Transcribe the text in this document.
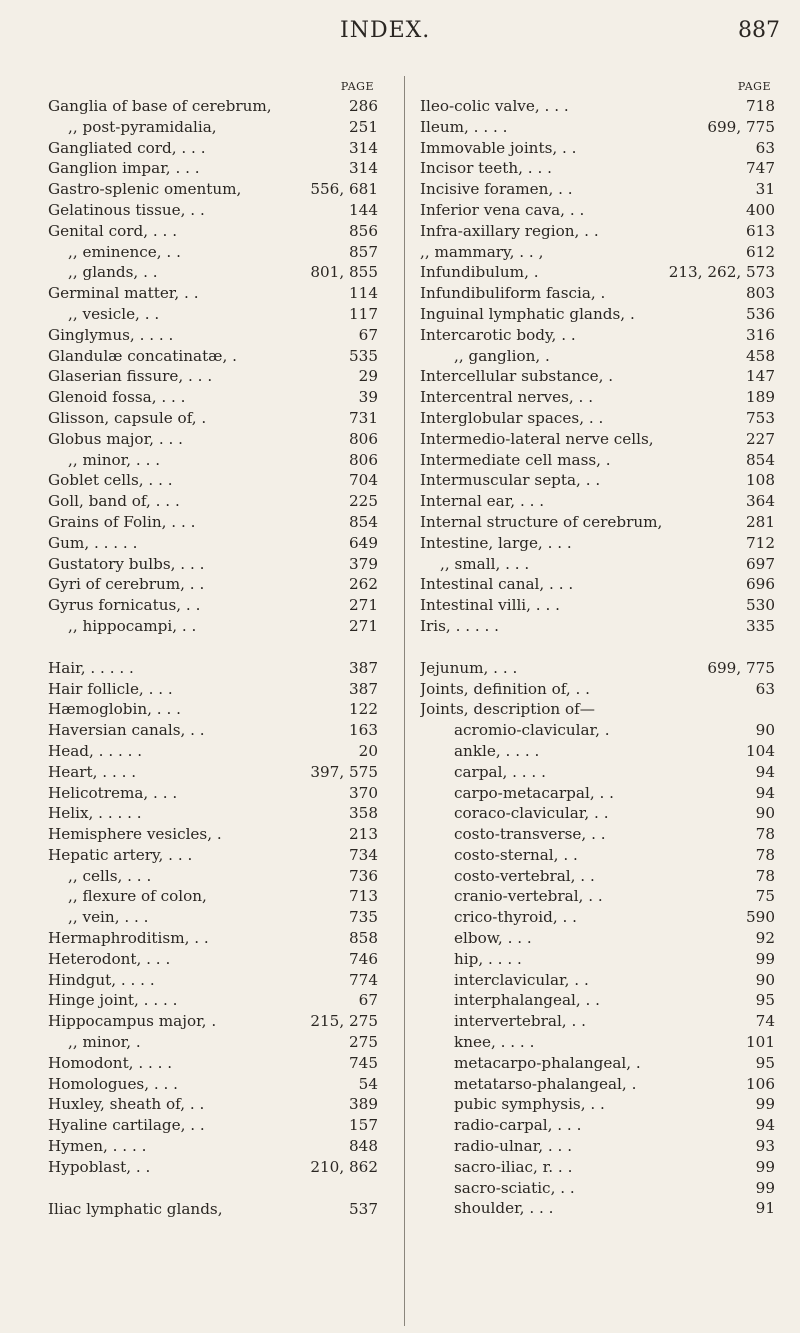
INDEX.	887
PAGE
Ganglia of base of cerebrum,	286
,, post-pyramidalia,	251
Gangliated cord, . . .	314
Ganglion impar, . . .	314
Gastro-splenic omentum,	556, 681
Gelatinous tissue, . .	144
Genital cord, . . .	856
,, eminence, . .	857
,, glands, . .	801, 855
Germinal matter, . .	114
,, vesicle, . .	117
Ginglymus, . . . .	67
Glandulæ concatinatæ, .	535
Glaserian fissure, . . .	29
Glenoid fossa, . . .	39
Glisson, capsule of, .	731
Globus major, . . .	806
,, minor, . . .	806
Goblet cells, . . .	704
Goll, band of, . . .	225
Grains of Folin, . . .	854
Gum, . . . . .	649
Gustatory bulbs, . . .	379
Gyri of cerebrum, . .	262
Gyrus fornicatus, . .	271
,, hippocampi, . .	271
Hair, . . . . .	387
Hair follicle, . . .	387
Hæmoglobin, . . .	122
Haversian canals, . .	163
Head, . . . . .	20
Heart, . . . .	397, 575
Helicotrema, . . .	370
Helix, . . . . .	358
Hemisphere vesicles, .	213
Hepatic artery, . . .	734
,, cells, . . .	736
,, flexure of colon,	713
,, vein, . . .	735
Hermaphroditism, . .	858
Heterodont, . . .	746
Hindgut, . . . .	774
Hinge joint, . . . .	67
Hippocampus major, .	215, 275
,, minor, .	275
Homodont, . . . .	745
Homologues, . . .	54
Huxley, sheath of, . .	389
Hyaline cartilage, . .	157
Hymen, . . . .	848
Hypoblast, . .	210, 862
Iliac lymphatic glands,	537
PAGE
Ileo-colic valve, . . .	718
Ileum, . . . .	699, 775
Immovable joints, . .	63
Incisor teeth, . . .	747
Incisive foramen, . .	31
Inferior vena cava, . .	400
Infra-axillary region, . .	613
,, mammary, . . ,	612
Infundibulum, .	213, 262, 573
Infundibuliform fascia, .	803
Inguinal lymphatic glands, .	536
Intercarotic body, . .	316
,, ganglion, .	458
Intercellular substance, .	147
Intercentral nerves, . .	189
Interglobular spaces, . .	753
Intermedio-lateral nerve cells,	227
Intermediate cell mass, .	854
Intermuscular septa, . .	108
Internal ear, . . .	364
Internal structure of cerebrum,	281
Intestine, large, . . .	712
,, small, . . .	697
Intestinal canal, . . .	696
Intestinal villi, . . .	530
Iris, . . . . .	335
Jejunum, . . .	699, 775
Joints, definition of, . .	63
Joints, description of—
acromio-clavicular, .	90
ankle, . . . .	104
carpal, . . . .	94
carpo-metacarpal, . .	94
coraco-clavicular, . .	90
costo-transverse, . .	78
costo-sternal, . .	78
costo-vertebral, . .	78
cranio-vertebral, . .	75
crico-thyroid, . .	590
elbow, . . .	92
hip, . . . .	99
interclavicular, . .	90
interphalangeal, . .	95
intervertebral, . .	74
knee, . . . .	101
metacarpo-phalangeal, .	95
metatarso-phalangeal, .	106
pubic symphysis, . .	99
radio-carpal, . . .	94
radio-ulnar, . . .	93
sacro-iliac, r. . .	99
sacro-sciatic, . .	99
shoulder, . . .	91
